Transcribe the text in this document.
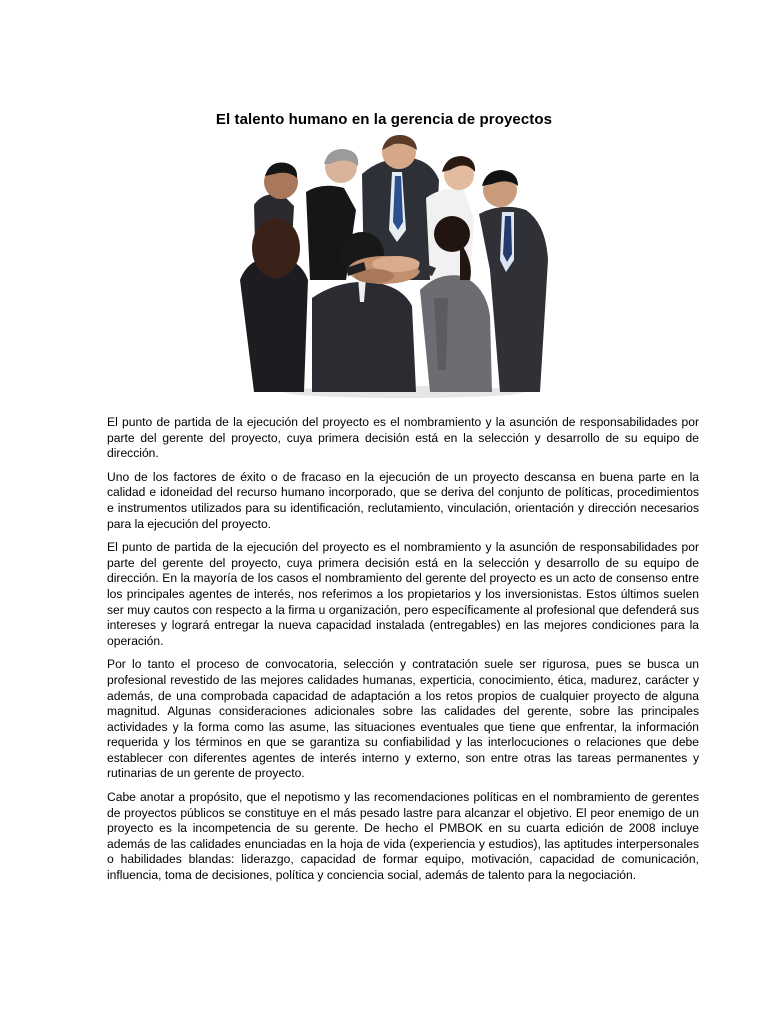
El talento humano en la gerencia de proyectos

El punto de partida de la ejecución del proyecto es el nombramiento y la asunción de responsabilidades por parte del gerente del proyecto, cuya primera decisión está en la selección y desarrollo de su equipo de dirección.

Uno de los factores de éxito o de fracaso en la ejecución de un proyecto descansa en buena parte en la calidad e idoneidad del recurso humano incorporado, que se deriva del conjunto de políticas, procedimientos e instrumentos utilizados para su identificación, reclutamiento, vinculación, orientación y dirección necesarios para la ejecución del proyecto.

El punto de partida de la ejecución del proyecto es el nombramiento y la asunción de responsabilidades por parte del gerente del proyecto, cuya primera decisión está en la selección y desarrollo de su equipo de dirección. En la mayoría de los casos el nombramiento del gerente del proyecto es un acto de consenso entre los principales agentes de interés, nos referimos a los propietarios y los inversionistas. Estos últimos suelen ser muy cautos con respecto a la firma u organización, pero específicamente al profesional que defenderá sus intereses y logrará entregar la nueva capacidad instalada (entregables) en las mejores condiciones para la operación.

Por lo tanto el proceso de convocatoria, selección y contratación suele ser rigurosa, pues se busca un profesional revestido de las mejores calidades humanas, experticia, conocimiento, ética, madurez, carácter y además, de una comprobada capacidad de adaptación a los retos propios de cualquier proyecto de alguna magnitud. Algunas consideraciones adicionales sobre las calidades del gerente, sobre las principales actividades y la forma como las asume, las situaciones eventuales que tiene que enfrentar, la información requerida y los términos en que se garantiza su confiabilidad y las interlocuciones o relaciones que debe establecer con diferentes agentes de interés interno y externo, son entre otras las tareas permanentes y rutinarias de un gerente de proyecto.

Cabe anotar a propósito, que el nepotismo y las recomendaciones políticas en el nombramiento de gerentes de proyectos públicos se constituye en el más pesado lastre para alcanzar el objetivo. El peor enemigo de un proyecto es la incompetencia de su gerente. De hecho el PMBOK en su cuarta edición de 2008 incluye además de las calidades enunciadas en la hoja de vida (experiencia y estudios), las aptitudes interpersonales o habilidades blandas: liderazgo, capacidad de formar equipo, motivación, capacidad de comunicación, influencia, toma de decisiones, política y conciencia social, además de talento para la negociación.
